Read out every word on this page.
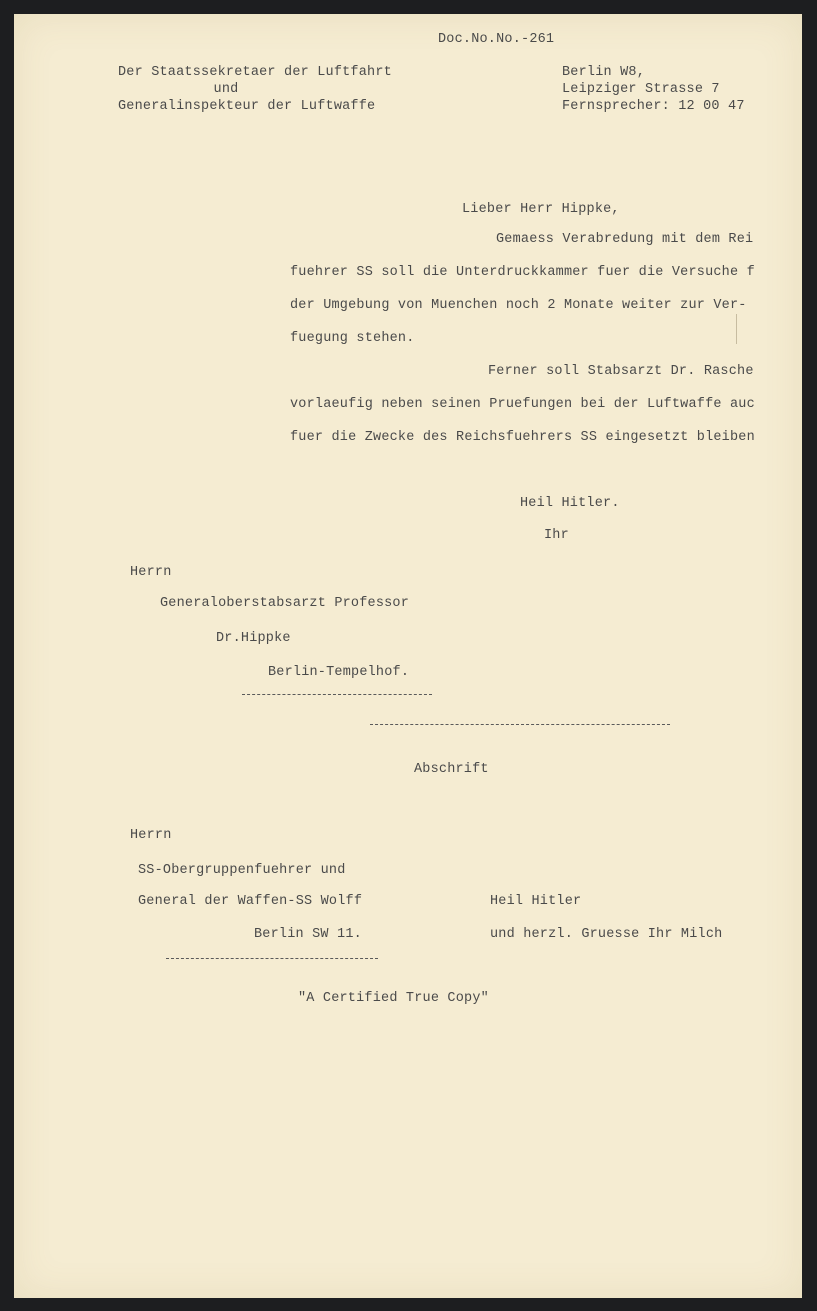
Doc.No.No.-261
Der Staatssekretaer der Luftfahrt
und
Generalinspekteur der Luftwaffe
Berlin W8,
Leipziger Strasse 7
Fernsprecher: 12 00 47
Lieber Herr Hippke,
Gemaess Verabredung mit dem Rei
fuehrer SS soll die Unterdruckkammer fuer die Versuche f
der Umgebung von Muenchen noch 2 Monate weiter zur Ver-
fuegung stehen.
Ferner soll Stabsarzt Dr. Rasche
vorlaeufig neben seinen Pruefungen bei der Luftwaffe auc
fuer die Zwecke des Reichsfuehrers SS eingesetzt bleiben
Heil Hitler.
Ihr
Herrn
Generaloberstabsarzt Professor
Dr.Hippke
Berlin-Tempelhof.
Abschrift
Herrn
SS-Obergruppenfuehrer und
General der Waffen-SS Wolff
Berlin SW 11.
Heil Hitler
und herzl. Gruesse Ihr Milch
"A Certified True Copy"
